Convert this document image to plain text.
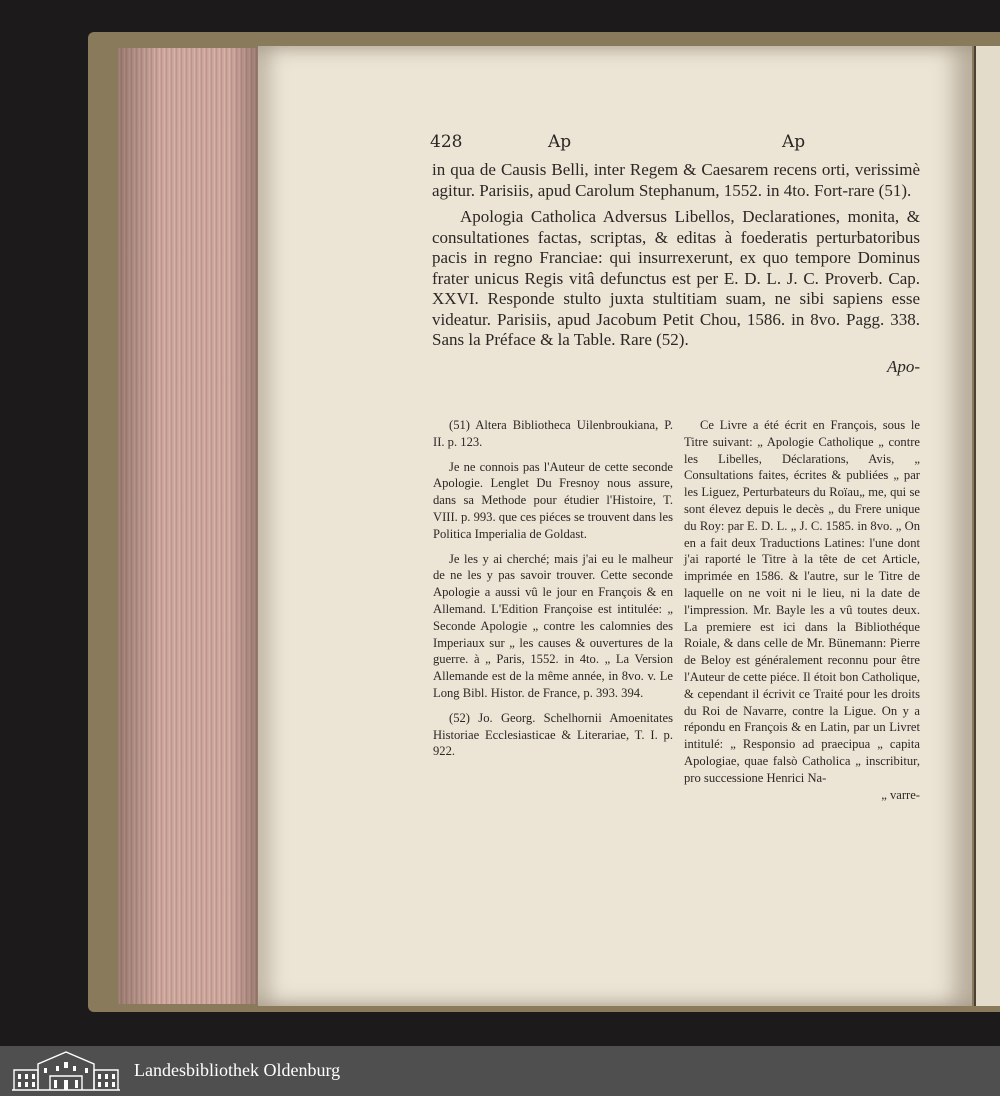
428	Ap	Ap

in qua de Causis Belli, inter Regem & Caesarem recens orti, verissimè agitur. Parisiis, apud Carolum Stephanum, 1552. in 4to. Fort-rare (51).

Apologia Catholica Adversus Libellos, Declarationes, monita, & consultationes factas, scriptas, & editas à foederatis perturbatoribus pacis in regno Franciae: qui insurrexerunt, ex quo tempore Dominus frater unicus Regis vitâ defunctus est per E. D. L. J. C. Proverb. Cap. XXVI. Responde stulto juxta stultitiam suam, ne sibi sapiens esse videatur. Parisiis, apud Jacobum Petit Chou, 1586. in 8vo. Pagg. 338. Sans la Préface & la Table. Rare (52).

Apo-

(51) Altera Bibliotheca Uilenbroukiana, P. II. p. 123.

Je ne connois pas l'Auteur de cette seconde Apologie. Lenglet Du Fresnoy nous assure, dans sa Methode pour étudier l'Histoire, T. VIII. p. 993. que ces piéces se trouvent dans les Politica Imperialia de Goldast.

Je les y ai cherché; mais j'ai eu le malheur de ne les y pas savoir trouver. Cette seconde Apologie a aussi vû le jour en François & en Allemand. L'Edition Françoise est intitulée: „ Seconde Apologie „ contre les calomnies des Imperiaux sur „ les causes & ouvertures de la guerre. à „ Paris, 1552. in 4to. „ La Version Allemande est de la même année, in 8vo. v. Le Long Bibl. Histor. de France, p. 393. 394.

(52) Jo. Georg. Schelhornii Amoenitates Historiae Ecclesiasticae & Literariae, T. I. p. 922.

Ce Livre a été écrit en François, sous le Titre suivant: „ Apologie Catholique „ contre les Libelles, Déclarations, Avis, „ Consultations faites, écrites & publiées „ par les Liguez, Perturbateurs du Roïau„ me, qui se sont élevez depuis le decès „ du Frere unique du Roy: par E. D. L. „ J. C. 1585. in 8vo. „ On en a fait deux Traductions Latines: l'une dont j'ai raporté le Titre à la tête de cet Article, imprimée en 1586. & l'autre, sur le Titre de laquelle on ne voit ni le lieu, ni la date de l'impression. Mr. Bayle les a vû toutes deux. La premiere est ici dans la Bibliothéque Roiale, & dans celle de Mr. Bünemann: Pierre de Beloy est généralement reconnu pour être l'Auteur de cette piéce. Il étoit bon Catholique, & cependant il écrivit ce Traité pour les droits du Roi de Navarre, contre la Ligue. On y a répondu en François & en Latin, par un Livret intitulé: „ Responsio ad praecipua „ capita Apologiae, quae falsò Catholica „ inscribitur, pro successione Henrici Na-

„ varre-
Landesbibliothek Oldenburg
